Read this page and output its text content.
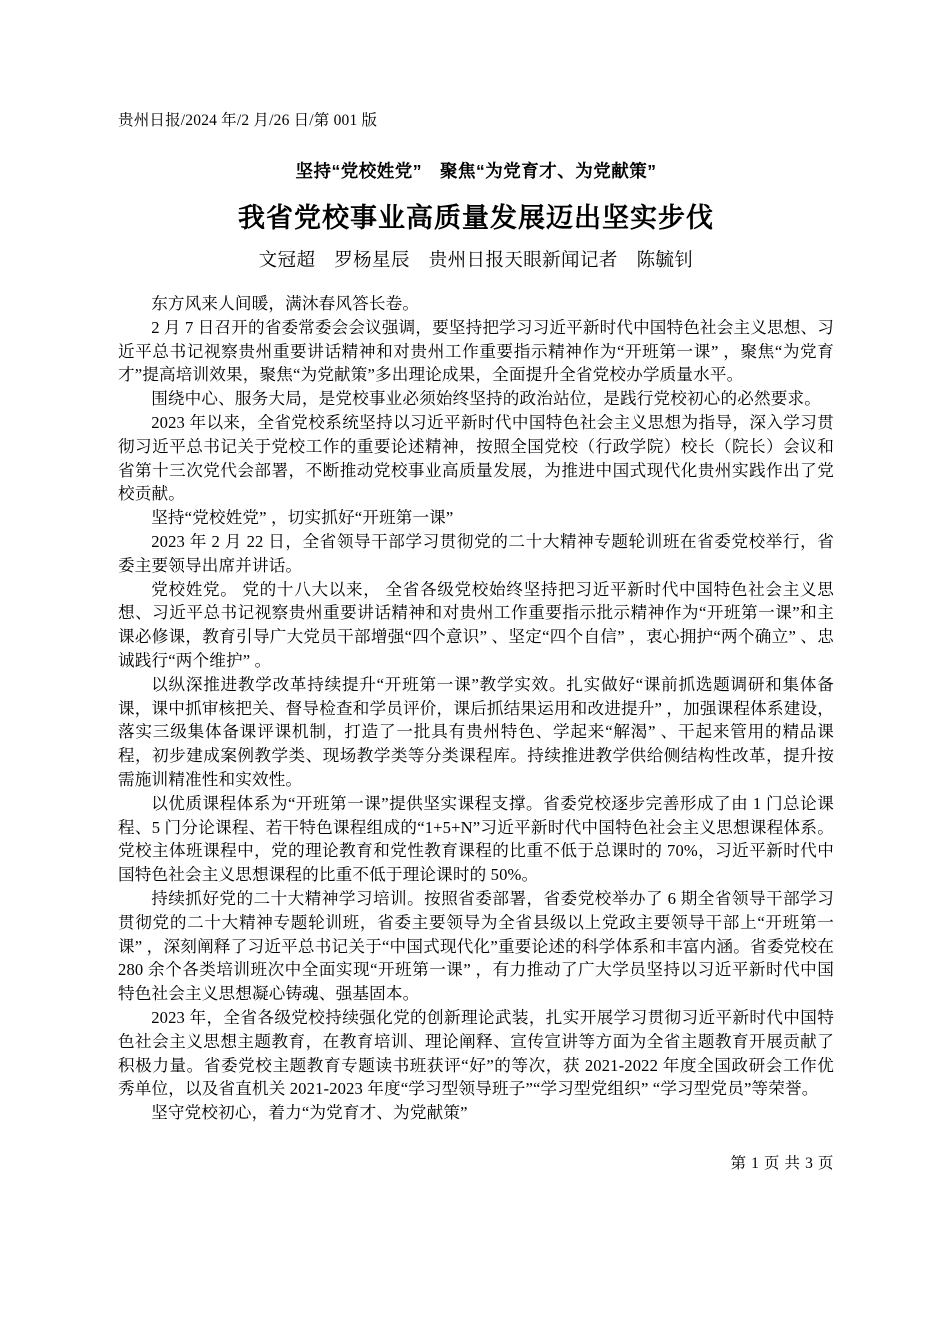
贵州日报/2024 年/2 月/26 日/第 001 版
坚持“党校姓党”　聚焦“为党育才、为党献策”
我省党校事业高质量发展迈出坚实步伐
文冠超　罗杨星辰　贵州日报天眼新闻记者　陈毓钊

东方风来人间暖，满沐春风答长卷。

2 月 7 日召开的省委常委会会议强调，要坚持把学习习近平新时代中国特色社会主义思想、习近平总书记视察贵州重要讲话精神和对贵州工作重要指示精神作为“开班第一课” ，聚焦“为党育才”提高培训效果，聚焦“为党献策”多出理论成果，全面提升全省党校办学质量水平。

围绕中心、服务大局，是党校事业必须始终坚持的政治站位，是践行党校初心的必然要求。

2023 年以来，全省党校系统坚持以习近平新时代中国特色社会主义思想为指导，深入学习贯彻习近平总书记关于党校工作的重要论述精神，按照全国党校（行政学院）校长（院长）会议和省第十三次党代会部署，不断推动党校事业高质量发展，为推进中国式现代化贵州实践作出了党校贡献。

坚持“党校姓党” ，切实抓好“开班第一课”

2023 年 2 月 22 日，全省领导干部学习贯彻党的二十大精神专题轮训班在省委党校举行，省委主要领导出席并讲话。

党校姓党。 党的十八大以来， 全省各级党校始终坚持把习近平新时代中国特色社会主义思想、习近平总书记视察贵州重要讲话精神和对贵州工作重要指示批示精神作为“开班第一课”和主课必修课，教育引导广大党员干部增强“四个意识” 、坚定“四个自信” ，衷心拥护“两个确立” 、忠诚践行“两个维护” 。

以纵深推进教学改革持续提升“开班第一课”教学实效。扎实做好“课前抓选题调研和集体备课，课中抓审核把关、督导检查和学员评价，课后抓结果运用和改进提升” ，加强课程体系建设，落实三级集体备课评课机制，打造了一批具有贵州特色、学起来“解渴” 、干起来管用的精品课程，初步建成案例教学类、现场教学类等分类课程库。持续推进教学供给侧结构性改革，提升按需施训精准性和实效性。

以优质课程体系为“开班第一课”提供坚实课程支撑。省委党校逐步完善形成了由 1 门总论课程、5 门分论课程、若干特色课程组成的“1+5+N”习近平新时代中国特色社会主义思想课程体系。党校主体班课程中，党的理论教育和党性教育课程的比重不低于总课时的 70%，习近平新时代中国特色社会主义思想课程的比重不低于理论课时的 50%。

持续抓好党的二十大精神学习培训。按照省委部署，省委党校举办了 6 期全省领导干部学习贯彻党的二十大精神专题轮训班，省委主要领导为全省县级以上党政主要领导干部上“开班第一课” ，深刻阐释了习近平总书记关于“中国式现代化”重要论述的科学体系和丰富内涵。省委党校在 280 余个各类培训班次中全面实现“开班第一课” ，有力推动了广大学员坚持以习近平新时代中国特色社会主义思想凝心铸魂、强基固本。

2023 年，全省各级党校持续强化党的创新理论武装，扎实开展学习贯彻习近平新时代中国特色社会主义思想主题教育，在教育培训、理论阐释、宣传宣讲等方面为全省主题教育开展贡献了积极力量。省委党校主题教育专题读书班获评“好”的等次，获 2021-2022 年度全国政研会工作优秀单位，以及省直机关 2021-2023 年度“学习型领导班子”“学习型党组织” “学习型党员”等荣誉。

坚守党校初心，着力“为党育才、为党献策”

第 1 页 共 3 页
